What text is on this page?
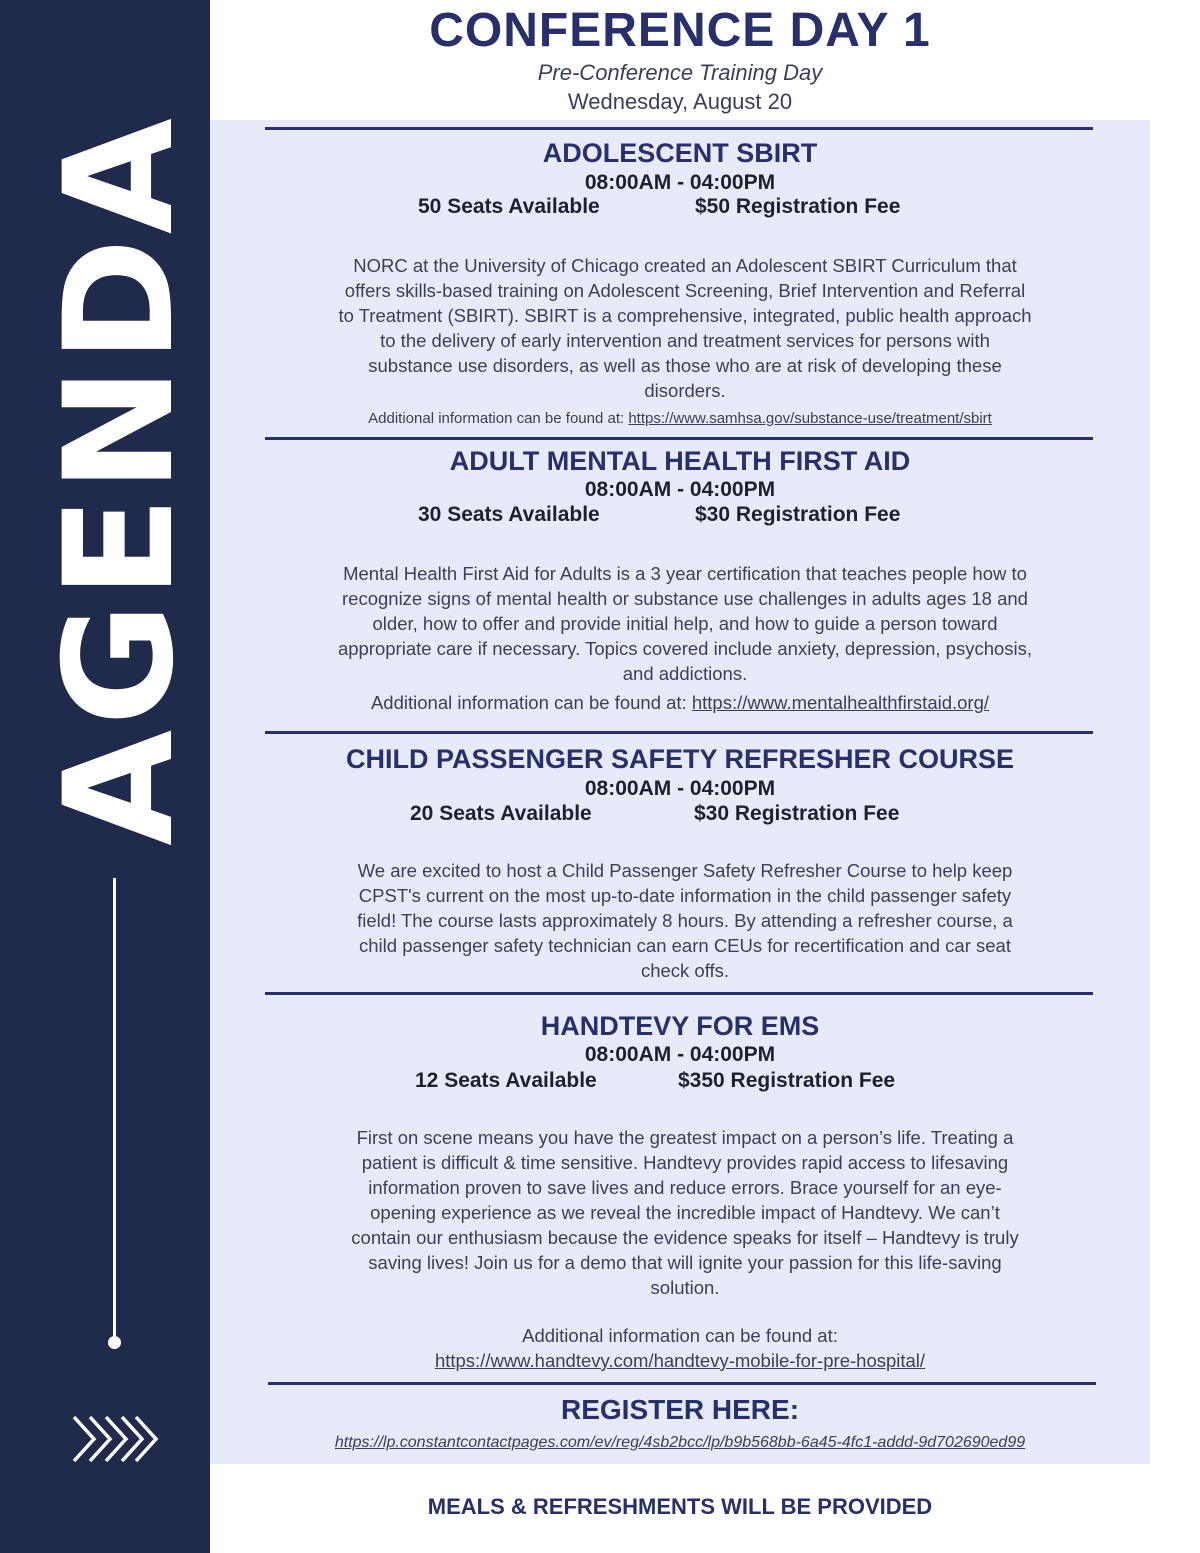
AGENDA
CONFERENCE DAY 1
Pre-Conference Training Day
Wednesday, August 20
ADOLESCENT SBIRT
08:00AM - 04:00PM
50 Seats Available	$50 Registration Fee
NORC at the University of Chicago created an Adolescent SBIRT Curriculum that
offers skills-based training on Adolescent Screening, Brief Intervention and Referral
to Treatment (SBIRT). SBIRT is a comprehensive, integrated, public health approach
to the delivery of early intervention and treatment services for persons with
substance use disorders, as well as those who are at risk of developing these
disorders.
Additional information can be found at: https://www.samhsa.gov/substance-use/treatment/sbirt
ADULT MENTAL HEALTH FIRST AID
08:00AM - 04:00PM
30 Seats Available	$30 Registration Fee
Mental Health First Aid for Adults is a 3 year certification that teaches people how to
recognize signs of mental health or substance use challenges in adults ages 18 and
older, how to offer and provide initial help, and how to guide a person toward
appropriate care if necessary. Topics covered include anxiety, depression, psychosis,
and addictions.
Additional information can be found at: https://www.mentalhealthfirstaid.org/
CHILD PASSENGER SAFETY REFRESHER COURSE
08:00AM - 04:00PM
20 Seats Available	$30 Registration Fee
We are excited to host a Child Passenger Safety Refresher Course to help keep
CPST's current on the most up-to-date information in the child passenger safety
field! The course lasts approximately 8 hours. By attending a refresher course, a
child passenger safety technician can earn CEUs for recertification and car seat
check offs.
HANDTEVY FOR EMS
08:00AM - 04:00PM
12 Seats Available	$350 Registration Fee
First on scene means you have the greatest impact on a person’s life. Treating a
patient is difficult & time sensitive. Handtevy provides rapid access to lifesaving
information proven to save lives and reduce errors. Brace yourself for an eye-
opening experience as we reveal the incredible impact of Handtevy. We can’t
contain our enthusiasm because the evidence speaks for itself – Handtevy is truly
saving lives! Join us for a demo that will ignite your passion for this life-saving
solution.
Additional information can be found at:
https://www.handtevy.com/handtevy-mobile-for-pre-hospital/
REGISTER HERE:
https://lp.constantcontactpages.com/ev/reg/4sb2bcc/lp/b9b568bb-6a45-4fc1-addd-9d702690ed99
MEALS & REFRESHMENTS WILL BE PROVIDED
